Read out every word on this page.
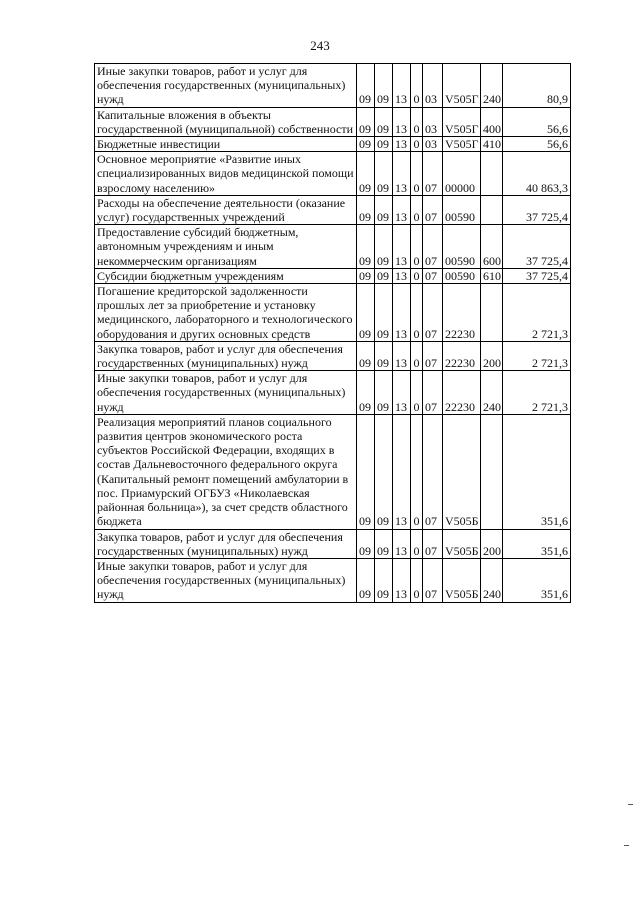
243
Иные закупки товаров, работ и услуг для обеспечения государственных (муниципальных) нужд	09	09	13	0	03	V505Г	240	80,9

Капитальные вложения в объекты государственной (муниципальной) собственности	09	09	13	0	03	V505Г	400	56,6

Бюджетные инвестиции	09	09	13	0	03	V505Г	410	56,6

Основное мероприятие «Развитие иных специализированных видов медицинской помощи взрослому населению»	09	09	13	0	07	00000		40 863,3

Расходы на обеспечение деятельности (оказание услуг) государственных учреждений	09	09	13	0	07	00590		37 725,4

Предоставление субсидий бюджетным, автономным учреждениям и иным некоммерческим организациям	09	09	13	0	07	00590	600	37 725,4

Субсидии бюджетным учреждениям	09	09	13	0	07	00590	610	37 725,4

Погашение кредиторской задолженности прошлых лет за приобретение и установку медицинского, лабораторного и технологического оборудования и других основных средств	09	09	13	0	07	22230		2 721,3

Закупка товаров, работ и услуг для обеспечения государственных (муниципальных) нужд	09	09	13	0	07	22230	200	2 721,3

Иные закупки товаров, работ и услуг для обеспечения государственных (муниципальных) нужд	09	09	13	0	07	22230	240	2 721,3

Реализация мероприятий планов социального развития центров экономического роста субъектов Российской Федерации, входящих в состав Дальневосточного федерального округа (Капитальный ремонт помещений амбулатории в пос. Приамурский ОГБУЗ «Николаевская районная больница»), за счет средств областного бюджета	09	09	13	0	07	V505Б		351,6

Закупка товаров, работ и услуг для обеспечения государственных (муниципальных) нужд	09	09	13	0	07	V505Б	200	351,6

Иные закупки товаров, работ и услуг для обеспечения государственных (муниципальных) нужд	09	09	13	0	07	V505Б	240	351,6
